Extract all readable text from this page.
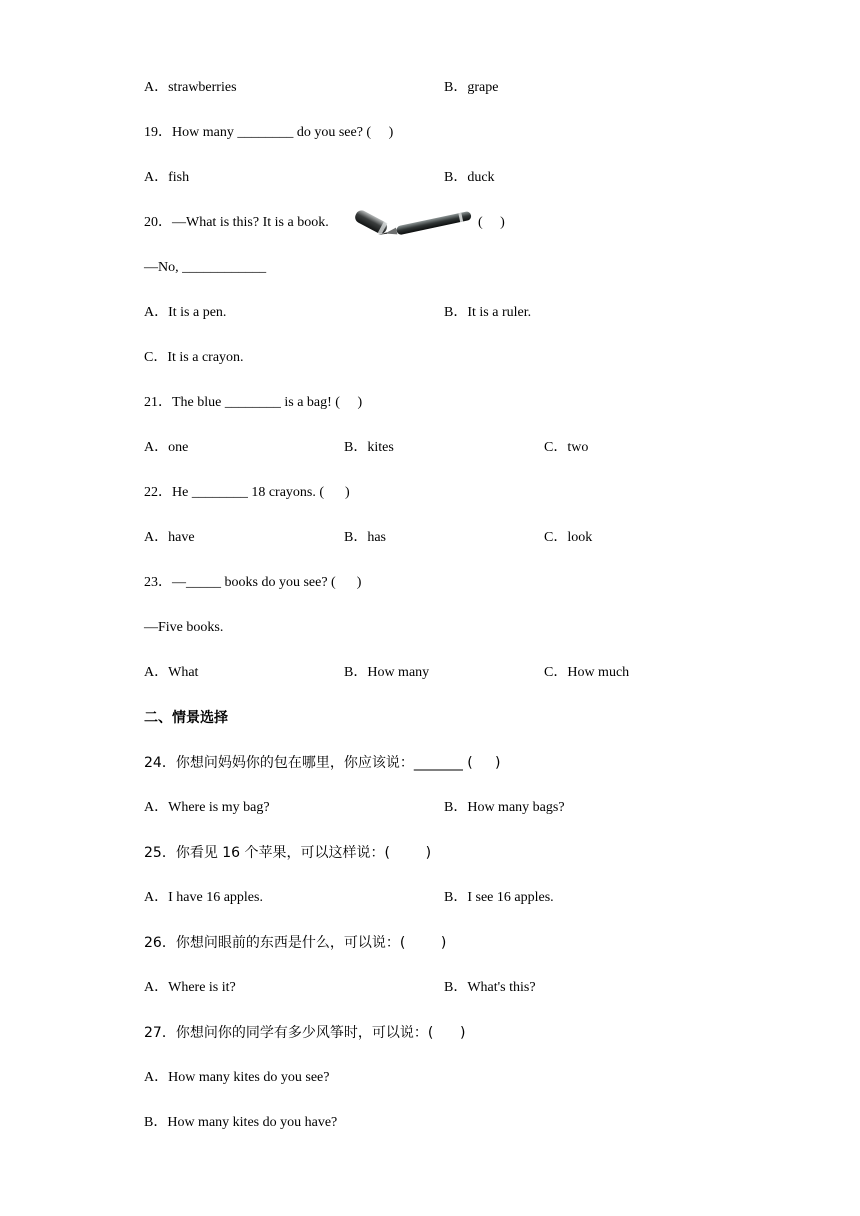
A．strawberries	B．grape
19．How many ________ do you see? (     )
A．fish	B．duck
20．—What is this? It is a book.	(     )
—No, ____________
A．It is a pen.	B．It is a ruler.
C．It is a crayon.
21．The blue ________ is a bag! (     )
A．one	B．kites	C．two
22．He ________ 18 crayons. (      )
A．have	B．has	C．look
23．—_____ books do you see? (      )
—Five books.
A．What	B．How many	C．How much
二、情景选择
24．你想问妈妈你的包在哪里，你应该说：_______ (     )
A．Where is my bag?	B．How many bags?
25．你看见 16 个苹果，可以这样说：(        )
A．I have 16 apples.	B．I see 16 apples.
26．你想问眼前的东西是什么，可以说：(        )
A．Where is it?	B．What's this?
27．你想问你的同学有多少风筝时，可以说：(      )
A．How many kites do you see?
B．How many kites do you have?
